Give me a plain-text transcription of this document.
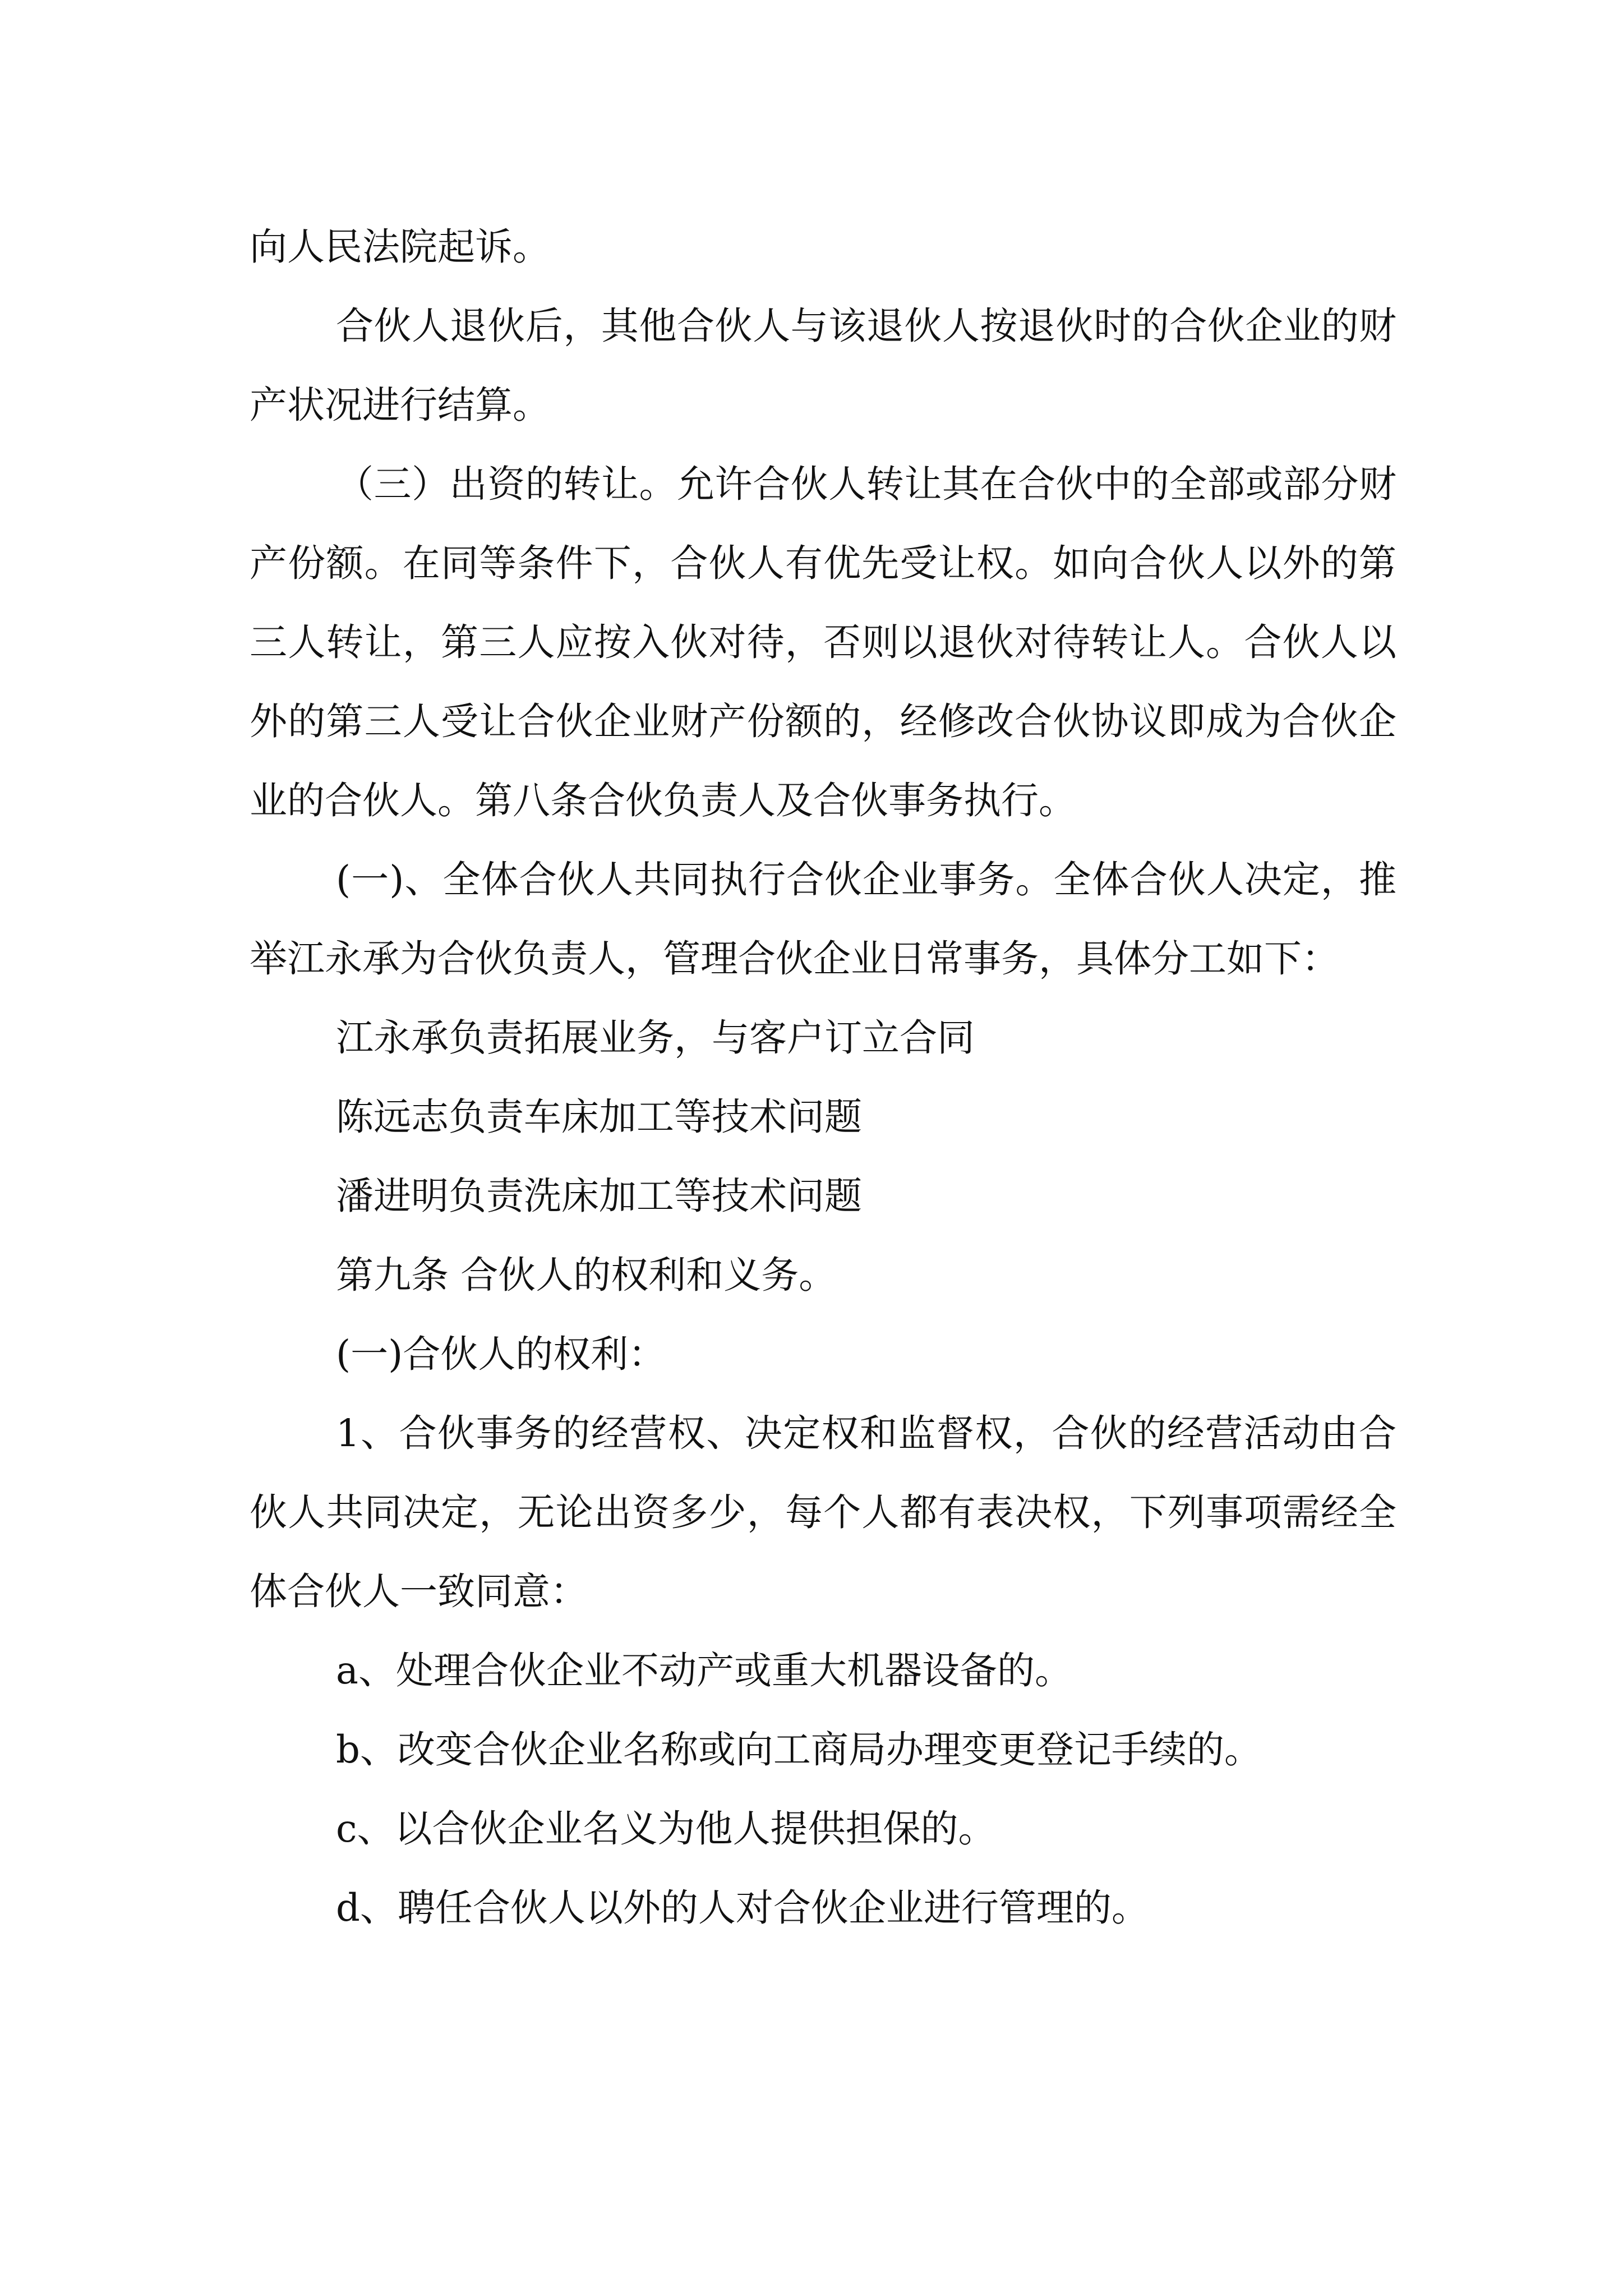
向人民法院起诉。

合伙人退伙后，其他合伙人与该退伙人按退伙时的合伙企业的财产状况进行结算。

（三）出资的转让。允许合伙人转让其在合伙中的全部或部分财产份额。在同等条件下，合伙人有优先受让权。如向合伙人以外的第三人转让，第三人应按入伙对待，否则以退伙对待转让人。合伙人以外的第三人受让合伙企业财产份额的，经修改合伙协议即成为合伙企业的合伙人。第八条合伙负责人及合伙事务执行。

(一)、全体合伙人共同执行合伙企业事务。全体合伙人决定，推举江永承为合伙负责人，管理合伙企业日常事务，具体分工如下：

江永承负责拓展业务，与客户订立合同

陈远志负责车床加工等技术问题

潘进明负责洗床加工等技术问题

第九条 合伙人的权利和义务。

(一)合伙人的权利：

1、合伙事务的经营权、决定权和监督权，合伙的经营活动由合伙人共同决定，无论出资多少，每个人都有表决权，下列事项需经全体合伙人一致同意：

a、处理合伙企业不动产或重大机器设备的。

b、改变合伙企业名称或向工商局办理变更登记手续的。

c、以合伙企业名义为他人提供担保的。

d、聘任合伙人以外的人对合伙企业进行管理的。
